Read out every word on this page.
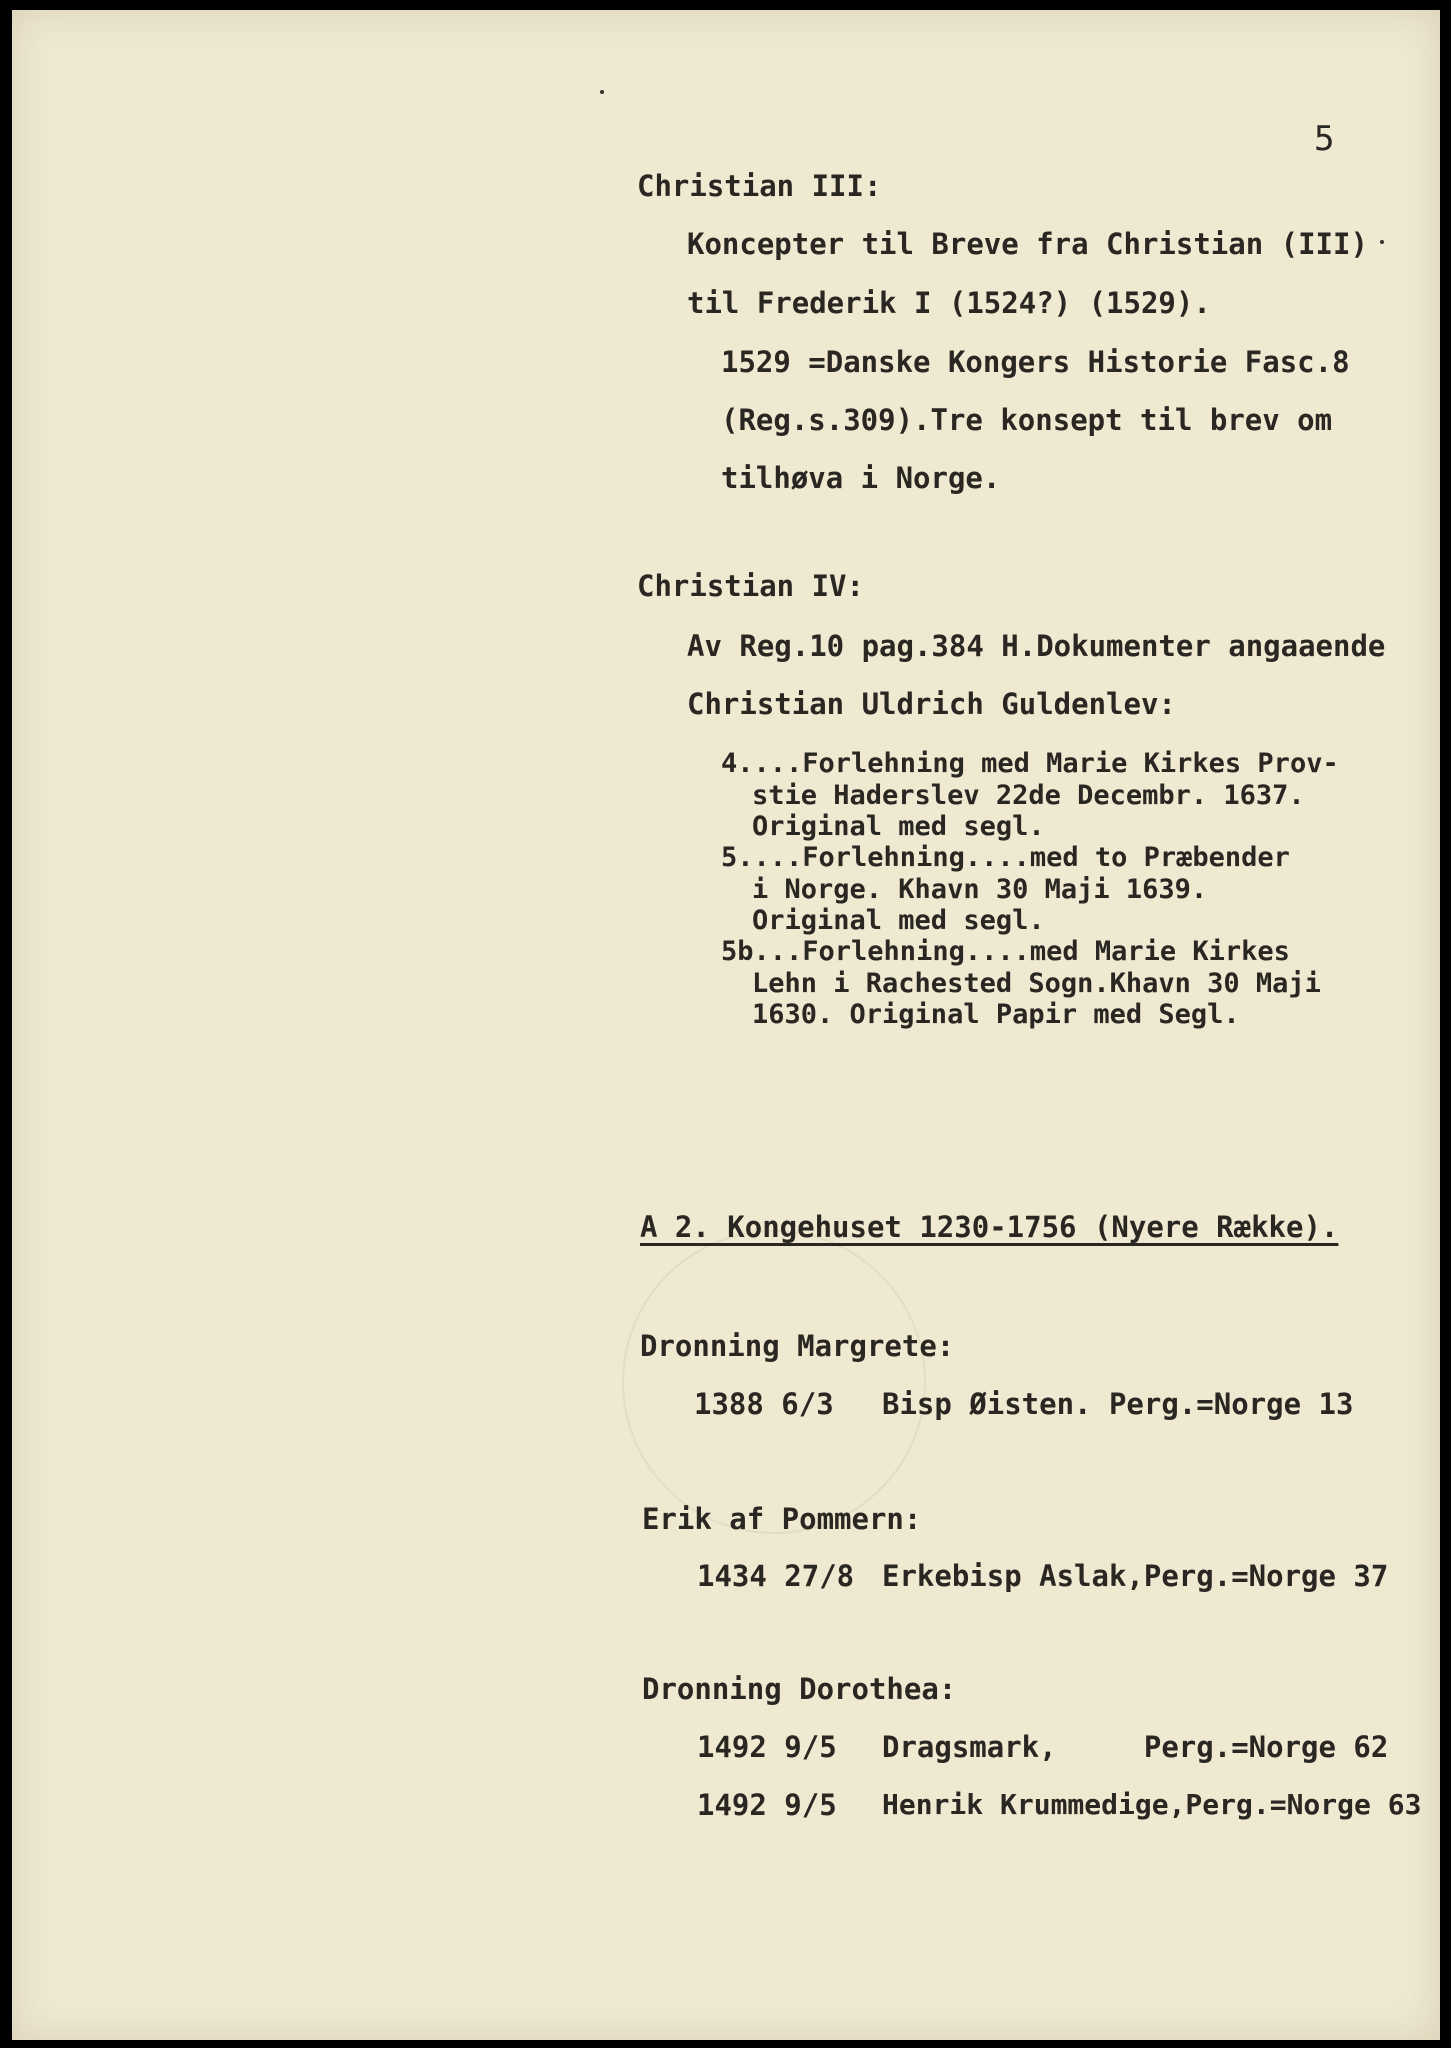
5
Christian III:
Koncepter til Breve fra Christian (III)
til Frederik I (1524?) (1529).
1529 =Danske Kongers Historie Fasc.8
(Reg.s.309).Tre konsept til brev om
tilhøva i Norge.
Christian IV:
Av Reg.10 pag.384 H.Dokumenter angaaende
Christian Uldrich Guldenlev:
4....Forlehning med Marie Kirkes Prov-
stie Haderslev 22de Decembr. 1637.
Original med segl.
5....Forlehning....med to Præbender
i Norge. Khavn 30 Maji 1639.
Original med segl.
5b...Forlehning....med Marie Kirkes
Lehn i Rachested Sogn.Khavn 30 Maji
1630. Original Papir med Segl.
A 2. Kongehuset 1230-1756 (Nyere Række).
Dronning Margrete:
1388 6/3 Bisp Øisten. Perg.=Norge 13
Erik af Pommern:
1434 27/8 Erkebisp Aslak,Perg.=Norge 37
Dronning Dorothea:
1492 9/5 Dragsmark,     Perg.=Norge 62
1492 9/5 Henrik Krummedige,Perg.=Norge 63
